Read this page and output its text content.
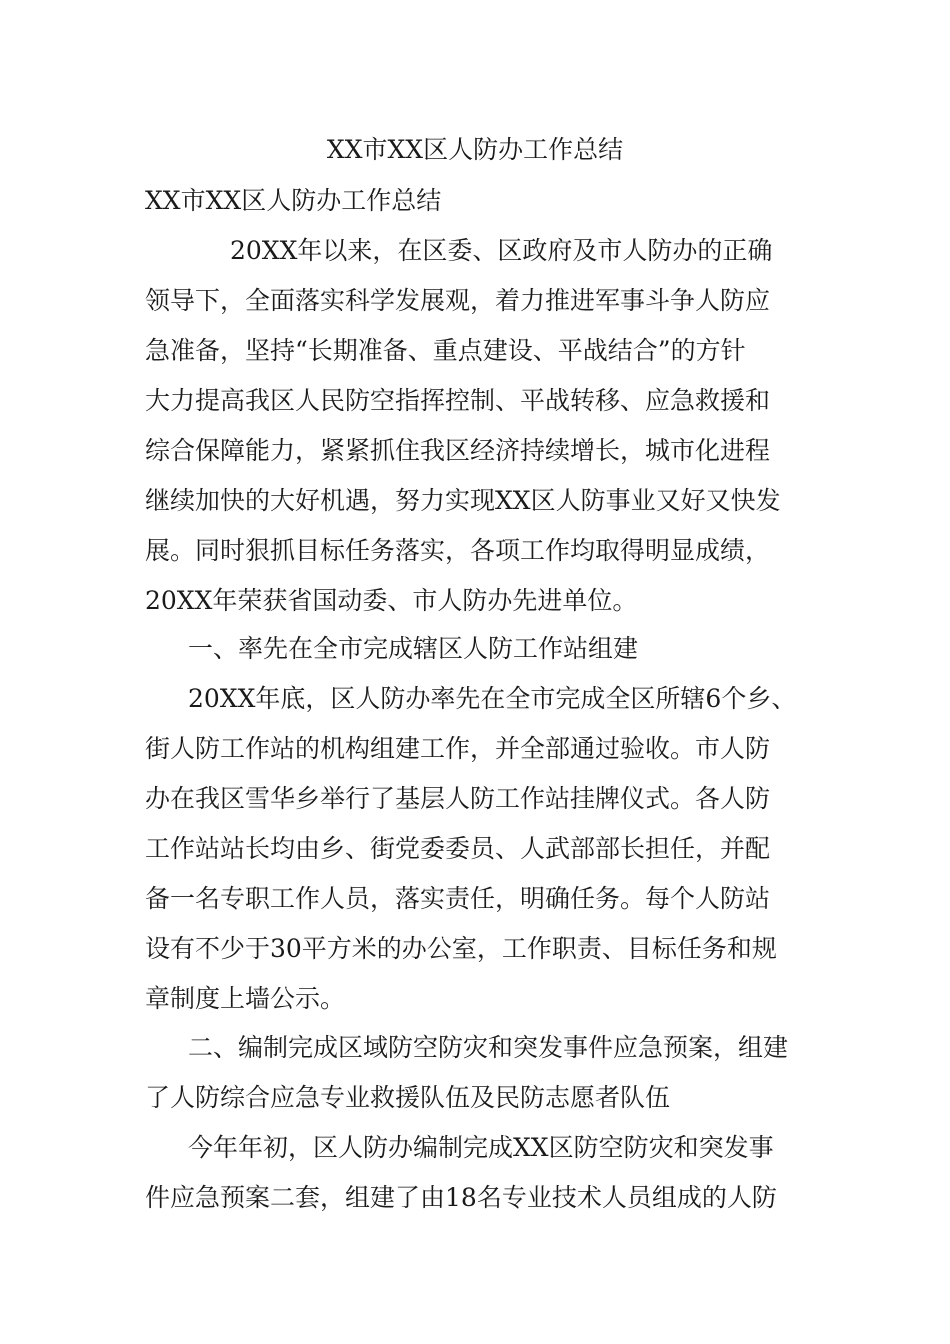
XX市XX区人防办工作总结
XX市XX区人防办工作总结
20XX年以来，在区委、区政府及市人防办的正确
领导下，全面落实科学发展观，着力推进军事斗争人防应
急准备，坚持“长期准备、重点建设、平战结合”的方针
大力提高我区人民防空指挥控制、平战转移、应急救援和
综合保障能力，紧紧抓住我区经济持续增长，城市化进程
继续加快的大好机遇，努力实现XX区人防事业又好又快发
展。同时狠抓目标任务落实，各项工作均取得明显成绩，
20XX年荣获省国动委、市人防办先进单位。
一、率先在全市完成辖区人防工作站组建
20XX年底，区人防办率先在全市完成全区所辖6个乡、
街人防工作站的机构组建工作，并全部通过验收。市人防
办在我区雪华乡举行了基层人防工作站挂牌仪式。各人防
工作站站长均由乡、街党委委员、人武部部长担任，并配
备一名专职工作人员，落实责任，明确任务。每个人防站
设有不少于30平方米的办公室，工作职责、目标任务和规
章制度上墙公示。
二、编制完成区域防空防灾和突发事件应急预案，组建
了人防综合应急专业救援队伍及民防志愿者队伍
今年年初，区人防办编制完成XX区防空防灾和突发事
件应急预案二套，组建了由18名专业技术人员组成的人防
